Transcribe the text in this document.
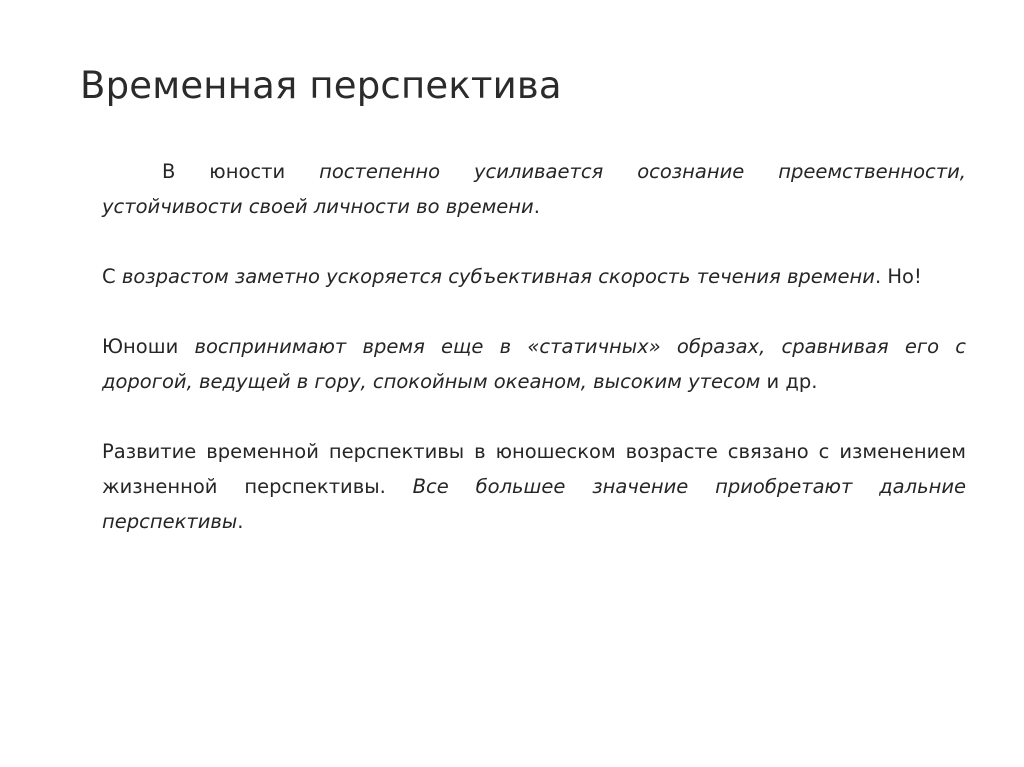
Временная перспектива

В юности постепенно усиливается осознание преемственности, устойчивости своей личности во времени.

С возрастом заметно ускоряется субъективная скорость течения времени. Но!

Юноши воспринимают время еще в «статичных» образах, сравнивая его с дорогой, ведущей в гору, спокойным океаном, высоким утесом и др.

Развитие временной перспективы в юношеском возрасте связано с изменением жизненной перспективы. Все большее значение приобретают дальние перспективы.
